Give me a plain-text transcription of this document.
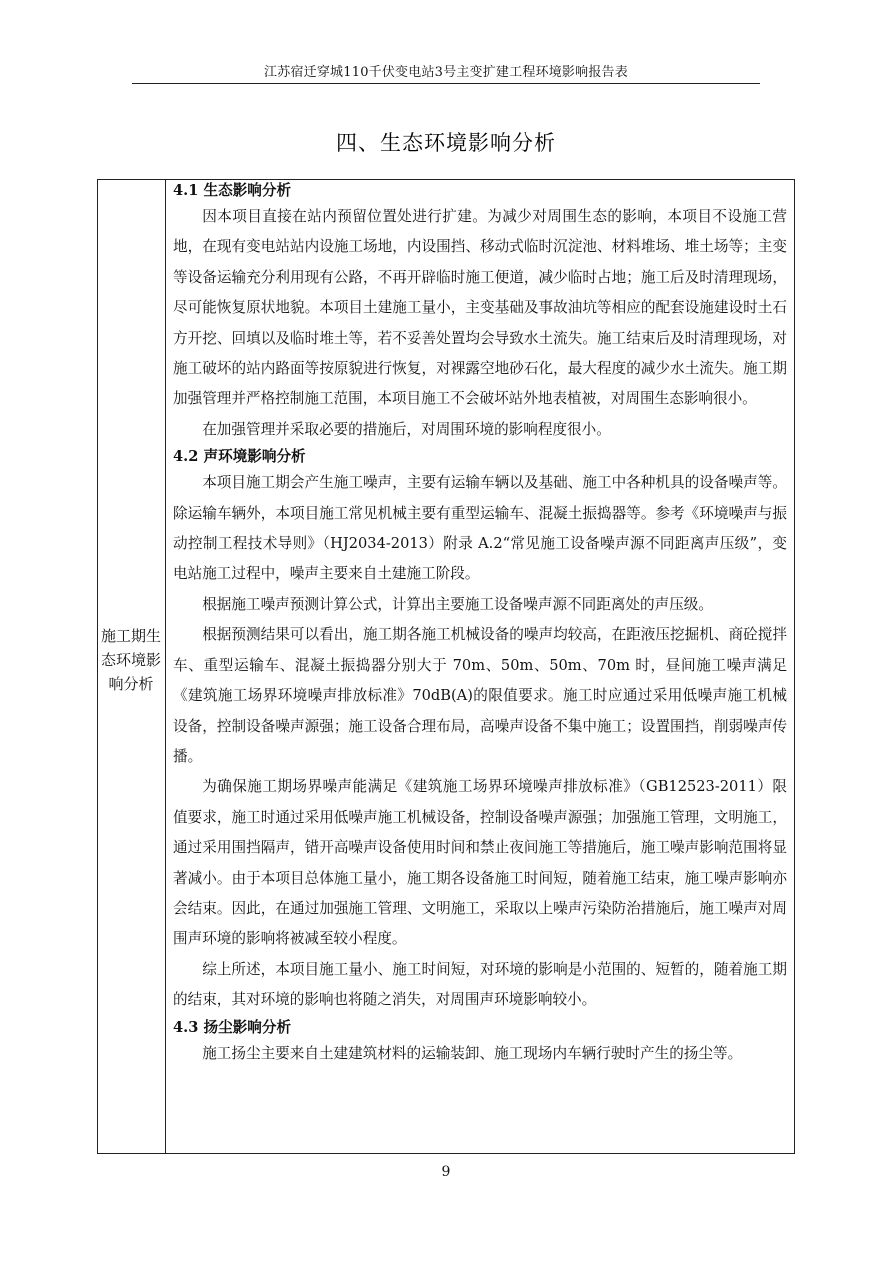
江苏宿迁穿城110千伏变电站3号主变扩建工程环境影响报告表
四、生态环境影响分析
施工期生态环境影响分析
4.1 生态影响分析

因本项目直接在站内预留位置处进行扩建。为减少对周围生态的影响，本项目不设施工营地，在现有变电站站内设施工场地，内设围挡、移动式临时沉淀池、材料堆场、堆土场等；主变等设备运输充分利用现有公路，不再开辟临时施工便道，减少临时占地；施工后及时清理现场，尽可能恢复原状地貌。本项目土建施工量小，主变基础及事故油坑等相应的配套设施建设时土石方开挖、回填以及临时堆土等，若不妥善处置均会导致水土流失。施工结束后及时清理现场，对施工破坏的站内路面等按原貌进行恢复，对裸露空地砂石化，最大程度的减少水土流失。施工期加强管理并严格控制施工范围，本项目施工不会破坏站外地表植被，对周围生态影响很小。

在加强管理并采取必要的措施后，对周围环境的影响程度很小。

4.2 声环境影响分析

本项目施工期会产生施工噪声，主要有运输车辆以及基础、施工中各种机具的设备噪声等。除运输车辆外，本项目施工常见机械主要有重型运输车、混凝土振捣器等。参考《环境噪声与振动控制工程技术导则》（HJ2034-2013）附录 A.2“常见施工设备噪声源不同距离声压级”，变电站施工过程中，噪声主要来自土建施工阶段。

根据施工噪声预测计算公式，计算出主要施工设备噪声源不同距离处的声压级。

根据预测结果可以看出，施工期各施工机械设备的噪声均较高，在距液压挖掘机、商砼搅拌车、重型运输车、混凝土振捣器分别大于 70m、50m、50m、70m 时，昼间施工噪声满足《建筑施工场界环境噪声排放标准》70dB(A)的限值要求。施工时应通过采用低噪声施工机械设备，控制设备噪声源强；施工设备合理布局，高噪声设备不集中施工；设置围挡，削弱噪声传播。

为确保施工期场界噪声能满足《建筑施工场界环境噪声排放标准》（GB12523-2011）限值要求，施工时通过采用低噪声施工机械设备，控制设备噪声源强；加强施工管理，文明施工，通过采用围挡隔声，错开高噪声设备使用时间和禁止夜间施工等措施后，施工噪声影响范围将显著减小。由于本项目总体施工量小，施工期各设备施工时间短，随着施工结束，施工噪声影响亦会结束。因此，在通过加强施工管理、文明施工，采取以上噪声污染防治措施后，施工噪声对周围声环境的影响将被减至较小程度。

综上所述，本项目施工量小、施工时间短，对环境的影响是小范围的、短暂的，随着施工期的结束，其对环境的影响也将随之消失，对周围声环境影响较小。

4.3 扬尘影响分析

施工扬尘主要来自土建建筑材料的运输装卸、施工现场内车辆行驶时产生的扬尘等。

9
